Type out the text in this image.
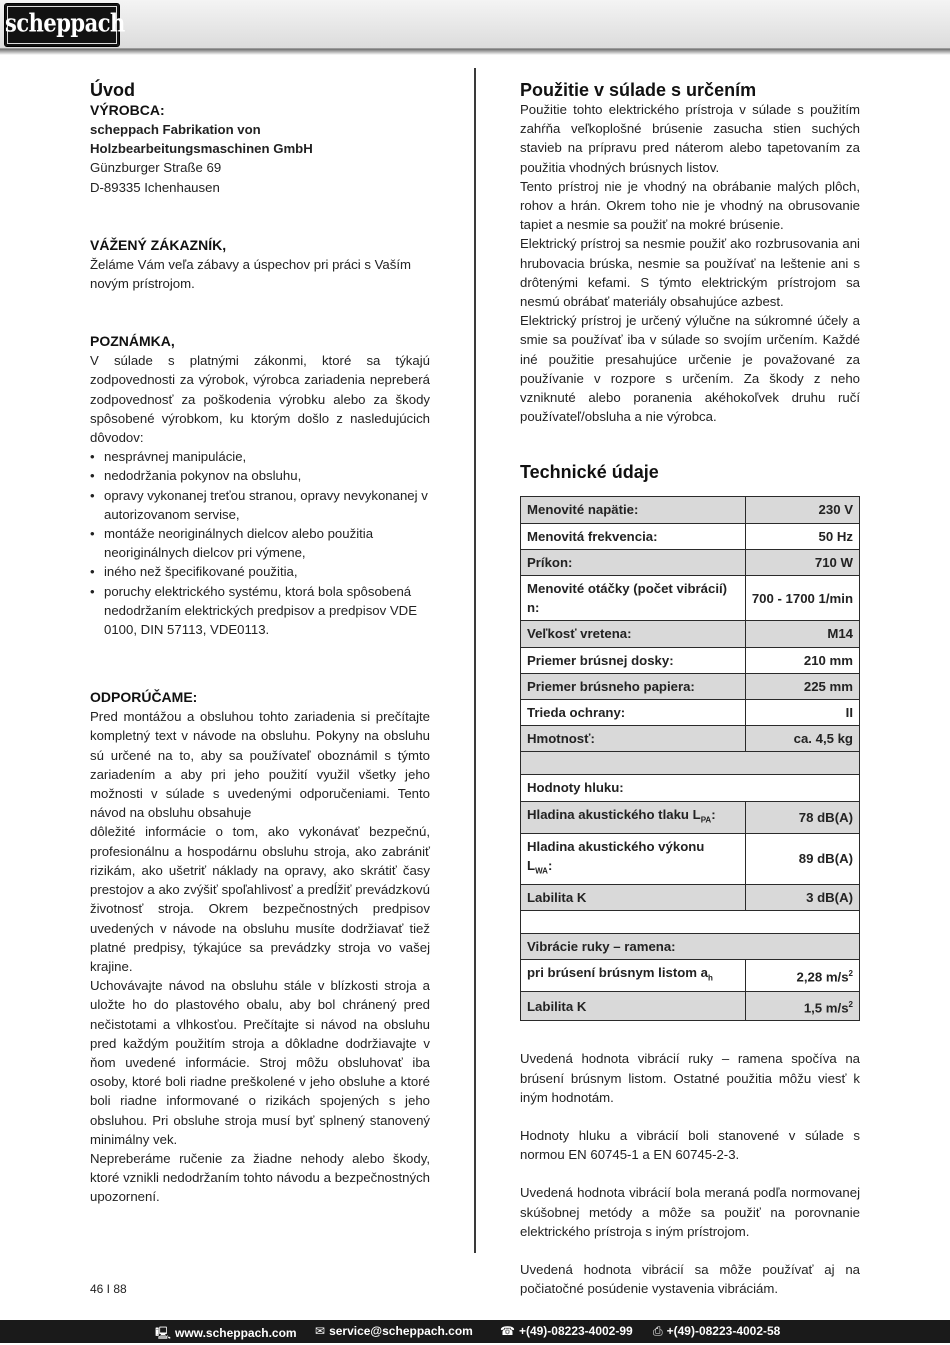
scheppach
Úvod

VÝROBCA:

scheppach Fabrikation von

Holzbearbeitungsmaschinen GmbH

Günzburger Straße 69

D-89335 Ichenhausen

VÁŽENÝ ZÁKAZNÍK,

Želáme Vám veľa zábavy a úspechov pri práci s Vaším novým prístrojom.

POZNÁMKA,

V súlade s platnými zákonmi, ktoré sa týkajú zodpovednosti za výrobok, výrobca zariadenia nepreberá zodpovednosť za poškodenia výrobku alebo za škody spôsobené výrobkom, ku ktorým došlo z nasledujúcich dôvodov:

• nesprávnej manipulácie,
• nedodržania pokynov na obsluhu,
• opravy vykonanej treťou stranou, opravy nevykonanej v autorizovanom servise,
• montáže neoriginálnych dielcov alebo použitia neoriginálnych dielcov pri výmene,
• iného než špecifikované použitia,
• poruchy elektrického systému, ktorá bola spôsobená nedodržaním elektrických predpisov a predpisov VDE 0100, DIN 57113, VDE0113.

ODPORÚČAME:

Pred montážou a obsluhou tohto zariadenia si prečítajte kompletný text v návode na obsluhu. Pokyny na obsluhu sú určené na to, aby sa používateľ oboznámil s týmto zariadením a aby pri jeho použití využil všetky jeho možnosti v súlade s uvedenými odporučeniami. Tento návod na obsluhu obsahuje

dôležité informácie o tom, ako vykonávať bezpečnú, profesionálnu a hospodárnu obsluhu stroja, ako zabrániť rizikám, ako ušetriť náklady na opravy, ako skrátiť časy prestojov a ako zvýšiť spoľahlivosť a predĺžiť prevádzkovú životnosť stroja. Okrem bezpečnostných predpisov uvedených v návode na obsluhu musíte dodržiavať tiež platné predpisy, týkajúce sa prevádzky stroja vo vašej krajine.

Uchovávajte návod na obsluhu stále v blízkosti stroja a uložte ho do plastového obalu, aby bol chránený pred nečistotami a vlhkosťou. Prečítajte si návod na obsluhu pred každým použitím stroja a dôkladne dodržiavajte v ňom uvedené informácie. Stroj môžu obsluhovať iba osoby, ktoré boli riadne preškolené v jeho obsluhe a ktoré boli riadne informované o rizikách spojených s jeho obsluhou. Pri obsluhe stroja musí byť splnený stanovený minimálny vek.

Nepreberáme ručenie za žiadne nehody alebo škody, ktoré vznikli nedodržaním tohto návodu a bezpečnostných upozornení.

Použitie v súlade s určením

Použitie tohto elektrického prístroja v súlade s použitím zahŕňa veľkoplošné brúsenie zasucha stien suchých stavieb na prípravu pred náterom alebo tapetovaním za použitia vhodných brúsnych listov.

Tento prístroj nie je vhodný na obrábanie malých plôch, rohov a hrán. Okrem toho nie je vhodný na obrusovanie tapiet a nesmie sa použiť na mokré brúsenie.

Elektrický prístroj sa nesmie použiť ako rozbrusovania ani hrubovacia brúska, nesmie sa používať na leštenie ani s drôtenými kefami. S týmto elektrickým prístrojom sa nesmú obrábať materiály obsahujúce azbest.

Elektrický prístroj je určený výlučne na súkromné účely a smie sa používať iba v súlade so svojím určením. Každé iné použitie presahujúce určenie je považované za používanie v rozpore s určením. Za škody z neho vzniknuté alebo poranenia akéhokoľvek druhu ručí používateľ/obsluha a nie výrobca.

Technické údaje
Menovité napätie:	230 V
Menovitá frekvencia:	50 Hz
Príkon:	710 W
Menovité otáčky (počet vibrácií) n:	700 - 1700 1/min
Veľkosť vretena:	M14
Priemer brúsnej dosky:	210 mm
Priemer brúsneho papiera:	225 mm
Trieda ochrany:	II
Hmotnosť:	ca. 4,5 kg

Hodnoty hluku:	
Hladina akustického tlaku $L_{PA}$:	78 dB(A)
Hladina akustického výkonu
$L_{WA}$:	89 dB(A)
Labilita K	3 dB(A)

Vibrácie ruky – ramena:	
pri brúsení brúsnym listom $a_h$	2,28 $m/s^2$
Labilita K	1,5 $m/s^2$

Uvedená hodnota vibrácií ruky – ramena spočíva na brúsení brúsnym listom. Ostatné použitia môžu viesť k iným hodnotám.

Hodnoty hluku a vibrácií boli stanovené v súlade s normou EN 60745-1 a EN 60745-2-3.

Uvedená hodnota vibrácií bola meraná podľa normovanej skúšobnej metódy a môže sa použiť na porovnanie elektrického prístroja s iným prístrojom.

Uvedená hodnota vibrácií sa môže používať aj na počiatočné posúdenie vystavenia vibráciám.

46 I 88
🖳 www.scheppach.com ✉ service@scheppach.com ☎ +(49)-08223-4002-99 ⎙ +(49)-08223-4002-58
